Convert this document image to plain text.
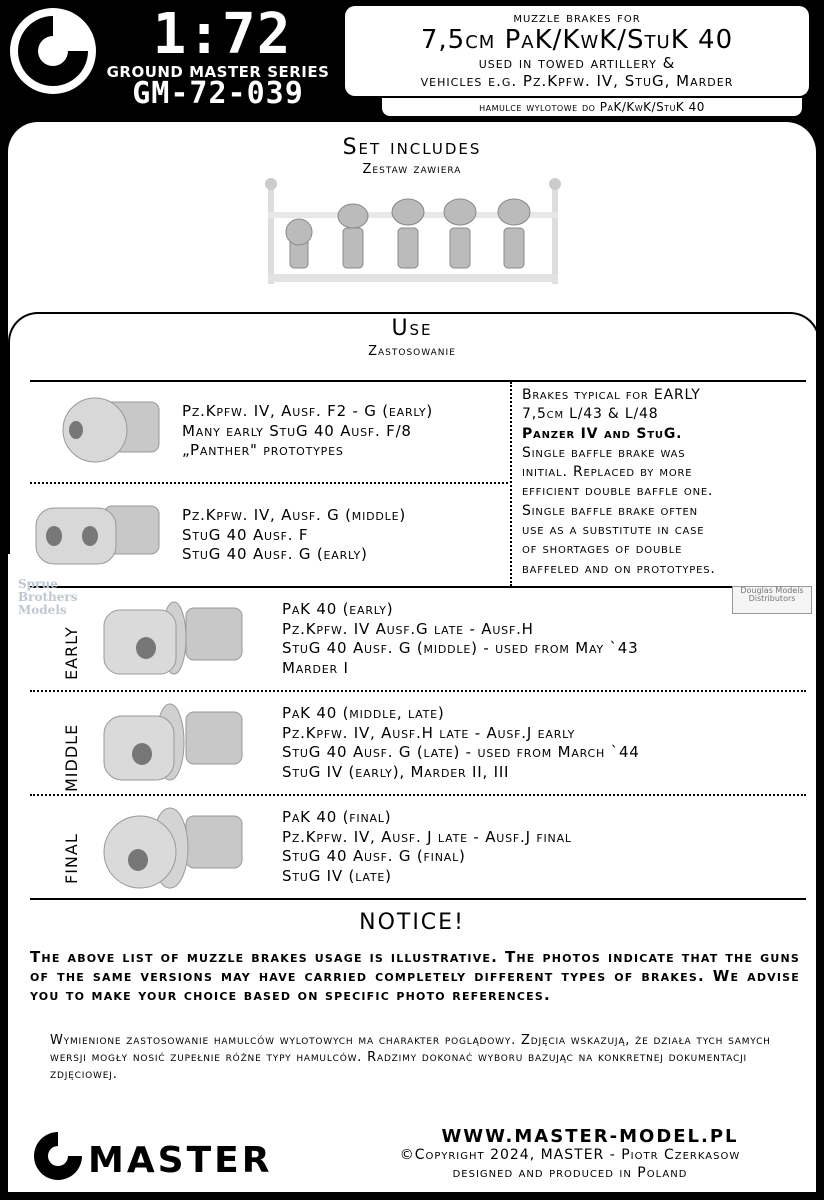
1:72
GROUND MASTER SERIES
GM-72-039
muzzle brakes for
7,5cm PaK/KwK/StuK 40
used in towed artillery &
vehicles e.g. Pz.Kpfw. IV, StuG, Marder
hamulce wylotowe do PaK/KwK/StuK 40
Set includes
Zestaw zawiera
Use
Zastosowanie
Pz.Kpfw. IV, Ausf. F2 - G (early)
Many early StuG 40 Ausf. F/8
„Panther" prototypes
Pz.Kpfw. IV, Ausf. G (middle)
StuG 40 Ausf. F
StuG 40 Ausf. G (early)
Brakes typical for EARLY
7,5cm L/43 & L/48
Panzer IV and StuG.
Single baffle brake was
initial. Replaced by more
efficient double baffle one.
Single baffle brake often
use as a substitute in case
of shortages of double
baffeled and on prototypes.
Sprue Brothers Models
Douglas Models Distributors
EARLY
PaK 40 (early)
Pz.Kpfw. IV Ausf.G late - Ausf.H
StuG 40 Ausf. G (middle) - used from May `43
Marder I
MIDDLE
PaK 40 (middle, late)
Pz.Kpfw. IV, Ausf.H late - Ausf.J early
StuG 40 Ausf. G (late) - used from March `44
StuG IV (early), Marder II, III
FINAL
PaK 40 (final)
Pz.Kpfw. IV, Ausf. J late - Ausf.J final
StuG 40 Ausf. G (final)
StuG IV (late)
NOTICE!
The above list of muzzle brakes usage is illustrative. The photos indicate that the guns of the same versions may have carried completely different types of brakes. We advise you to make your choice based on specific photo references.
Wymienione zastosowanie hamulców wylotowych ma charakter poglądowy. Zdjęcia wskazują, że działa tych samych wersji mogły nosić zupełnie różne typy hamulców. Radzimy dokonać wyboru bazując na konkretnej dokumentacji zdjęciowej.
MASTER
WWW.MASTER-MODEL.PL
©Copyright 2024, MASTER - Piotr Czerkasow
designed and produced in Poland
